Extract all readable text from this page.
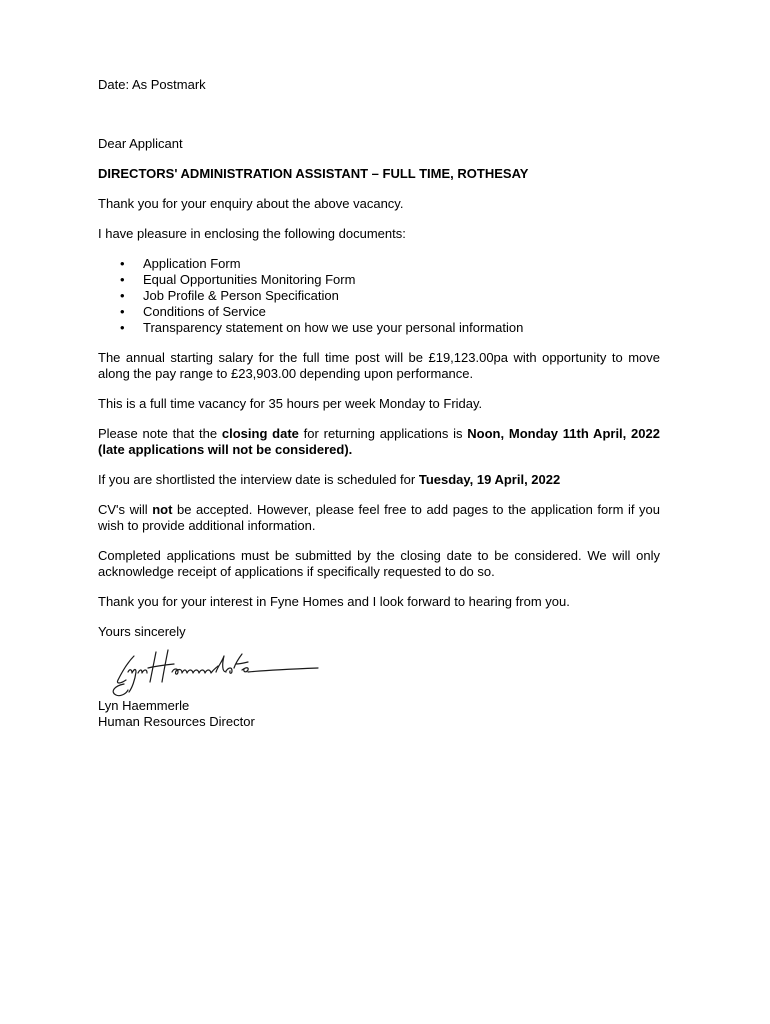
Date: As Postmark

Dear Applicant

DIRECTORS' ADMINISTRATION ASSISTANT – FULL TIME, ROTHESAY

Thank you for your enquiry about the above vacancy.

I have pleasure in enclosing the following documents:

• Application Form
• Equal Opportunities Monitoring Form
• Job Profile & Person Specification
• Conditions of Service
• Transparency statement on how we use your personal information

The annual starting salary for the full time post will be £19,123.00pa with opportunity to move along the pay range to £23,903.00 depending upon performance.

This is a full time vacancy for 35 hours per week Monday to Friday.

Please note that the closing date for returning applications is Noon, Monday 11th April, 2022 (late applications will not be considered).

If you are shortlisted the interview date is scheduled for Tuesday, 19 April, 2022

CV's will not be accepted. However, please feel free to add pages to the application form if you wish to provide additional information.

Completed applications must be submitted by the closing date to be considered. We will only acknowledge receipt of applications if specifically requested to do so.

Thank you for your interest in Fyne Homes and I look forward to hearing from you.

Yours sincerely

Lyn Haemmerle

Human Resources Director
